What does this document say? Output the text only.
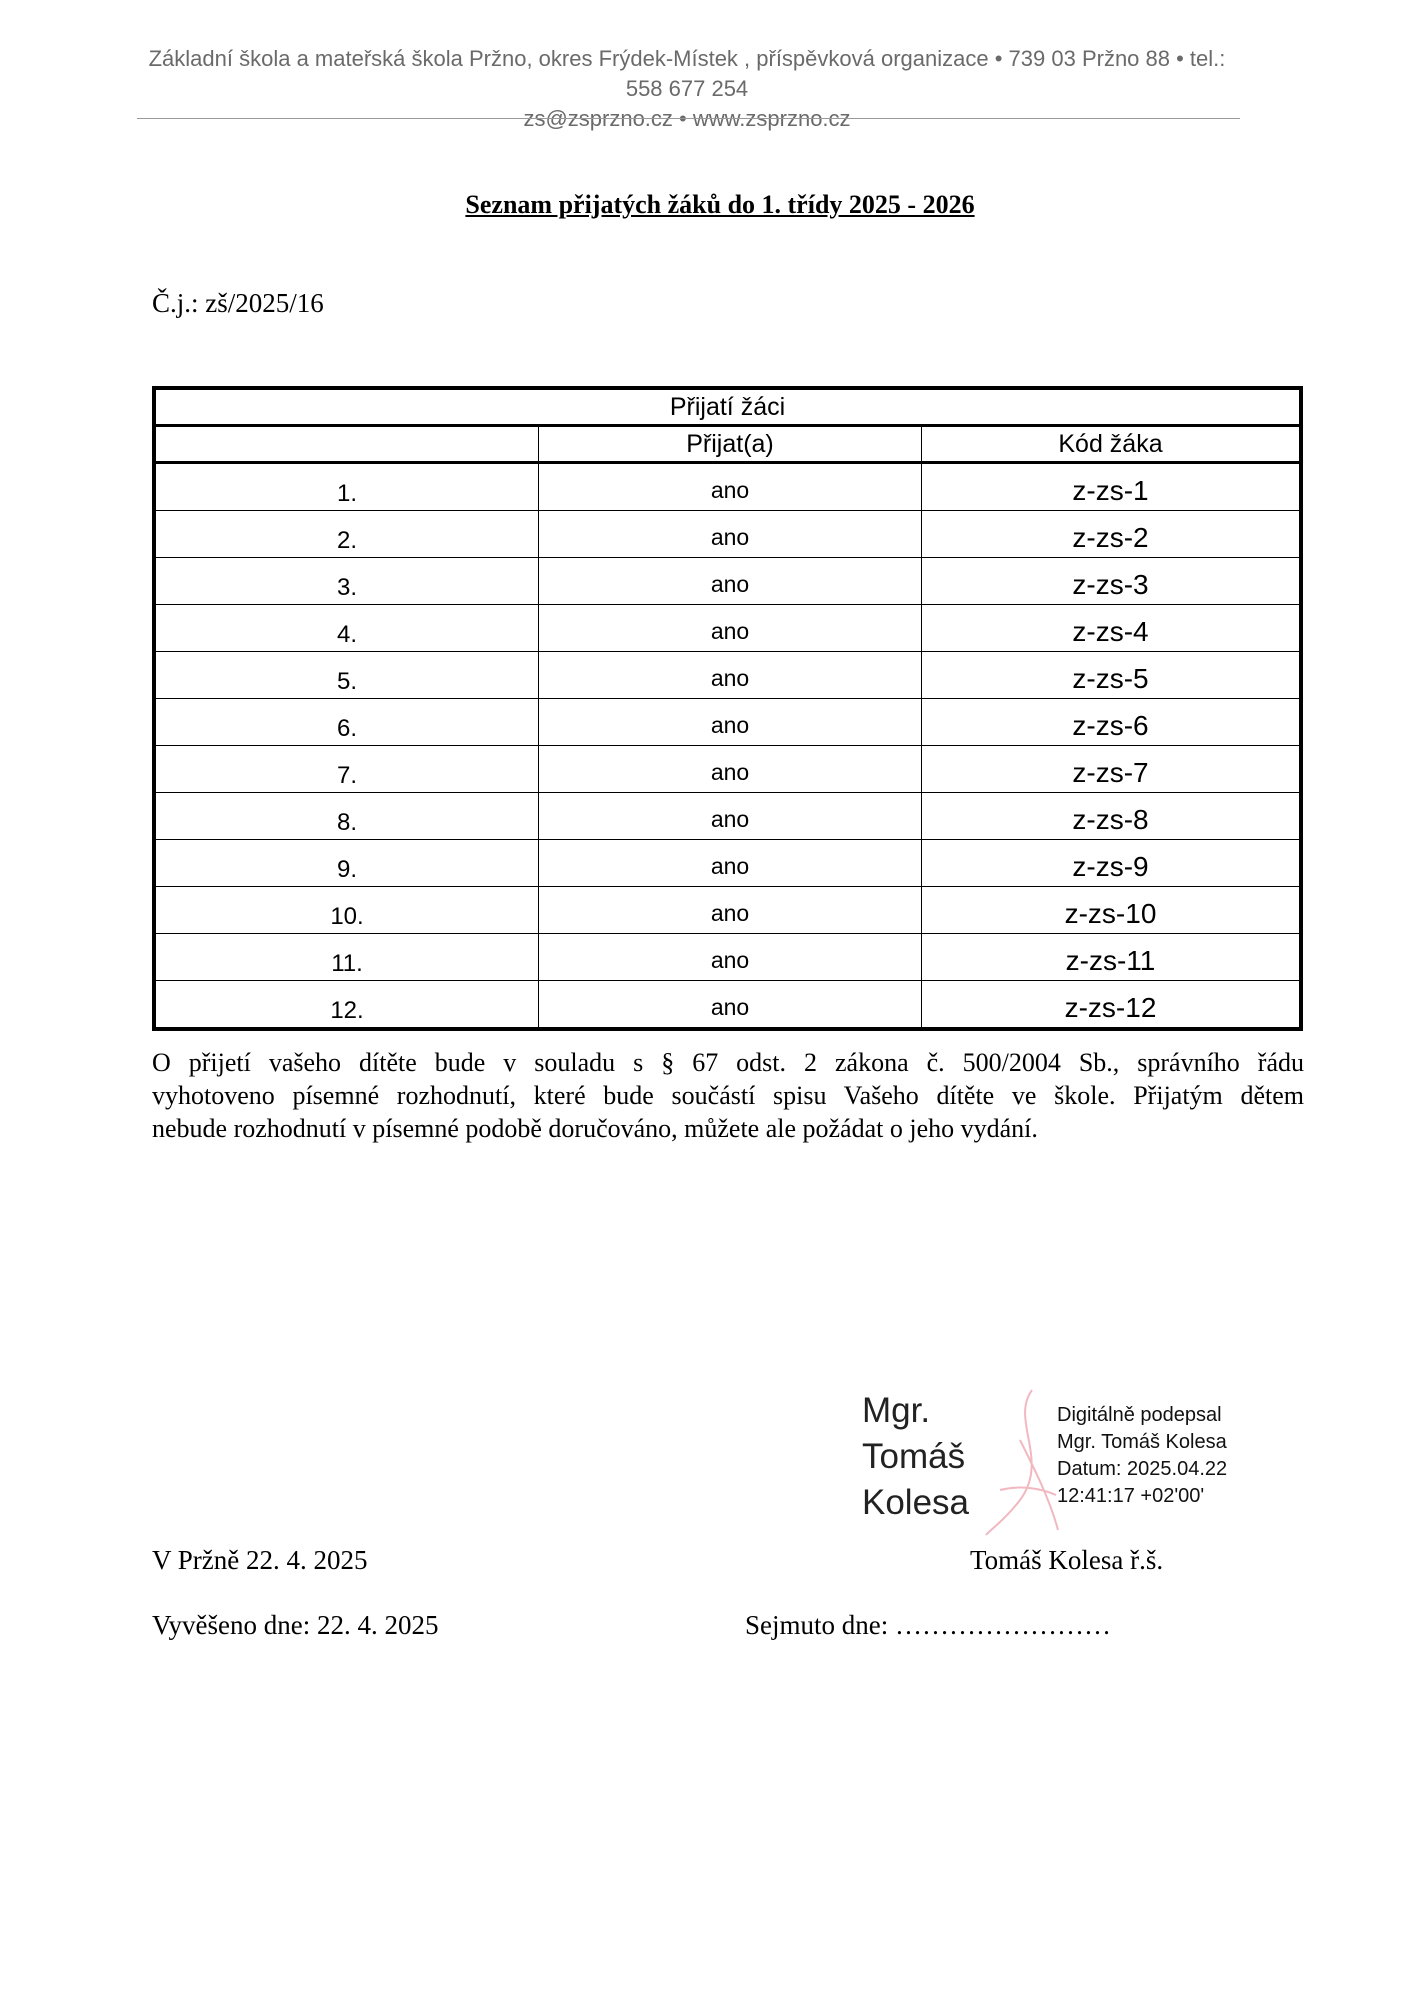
Základní škola a mateřská škola Pržno, okres Frýdek-Místek , příspěvková organizace • 739 03 Pržno 88 • tel.: 558 677 254
zs@zsprzno.cz • www.zsprzno.cz
Seznam přijatých žáků do 1. třídy 2025 - 2026
Č.j.: zš/2025/16
Přijatí žáci		
	Přijat(a)	Kód žáka
1.	ano	z-zs-1
2.	ano	z-zs-2
3.	ano	z-zs-3
4.	ano	z-zs-4
5.	ano	z-zs-5
6.	ano	z-zs-6
7.	ano	z-zs-7
8.	ano	z-zs-8
9.	ano	z-zs-9
10.	ano	z-zs-10
11.	ano	z-zs-11
12.	ano	z-zs-12
O přijetí vašeho dítěte bude v souladu s § 67 odst. 2 zákona č. 500/2004 Sb., správního řádu
vyhotoveno písemné rozhodnutí, které bude součástí spisu Vašeho dítěte ve škole. Přijatým dětem
nebude rozhodnutí v písemné podobě doručováno, můžete ale požádat o jeho vydání.
Mgr.
Tomáš
Kolesa
Digitálně podepsal
Mgr. Tomáš Kolesa
Datum: 2025.04.22
12:41:17 +02'00'
V Pržně 22. 4. 2025	Tomáš Kolesa ř.š.
Vyvěšeno dne: 22. 4. 2025	Sejmuto dne: ……………………
